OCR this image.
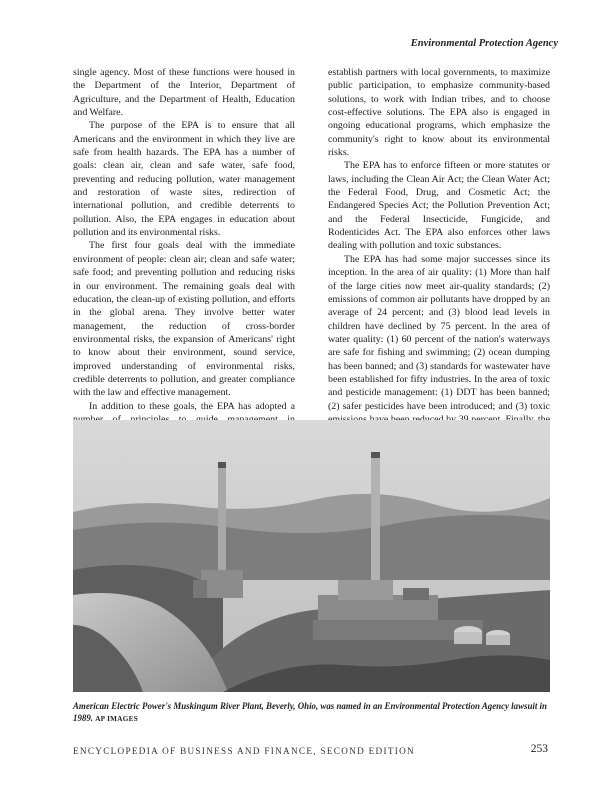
Environmental Protection Agency

single agency. Most of these functions were housed in the Department of the Interior, Department of Agriculture, and the Department of Health, Education and Welfare.

The purpose of the EPA is to ensure that all Americans and the environment in which they live are safe from health hazards. The EPA has a number of goals: clean air, clean and safe water, safe food, preventing and reducing pollution, water management and restoration of waste sites, redirection of international pollution, and credible deterrents to pollution. Also, the EPA engages in education about pollution and its environmental risks.

The first four goals deal with the immediate environment of people: clean air; clean and safe water; safe food; and preventing pollution and reducing risks in our environment. The remaining goals deal with education, the clean-up of existing pollution, and efforts in the global arena. They involve better water management, the reduction of cross-border environmental risks, the expansion of Americans' right to know about their environment, sound service, improved understanding of environmental risks, credible deterrents to pollution, and greater compliance with the law and effective management.

In addition to these goals, the EPA has adopted a

establish partners with local governments, to maximize public participation, to emphasize community-based solutions, to work with Indian tribes, and to choose cost-effective solutions. The EPA also is engaged in ongoing educational programs, which emphasize the community's right to know about its environmental risks.

The EPA has to enforce fifteen or more statutes or laws, including the Clean Air Act; the Clean Water Act; the Federal Food, Drug, and Cosmetic Act; the Endangered Species Act; the Pollution Prevention Act; and the Federal Insecticide, Fungicide, and Rodenticides Act. The EPA also enforces other laws dealing with pollution and toxic substances.

The EPA has had some major successes since its inception. In the area of air quality: (1) More than half of the large cities now meet air-quality standards; (2) emissions of common air pollutants have dropped by an average of 24 percent; and (3) blood lead levels in children have declined by 75 percent. In the area of water quality: (1) 60 percent of the nation's waterways are safe for fishing and swimming; (2) ocean dumping has been banned; and (3) standards for wastewater have been established for fifty industries. In the area of toxic and pesticide management: (1) DDT has been banned; (2) safer pesticides have been introduced; and (3) toxic

American Electric Power's Muskingum River Plant, Beverly, Ohio, was named in an Environmental Protection Agency lawsuit in 1989. AP IMAGES
ENCYCLOPEDIA OF BUSINESS AND FINANCE, SECOND EDITION	253
